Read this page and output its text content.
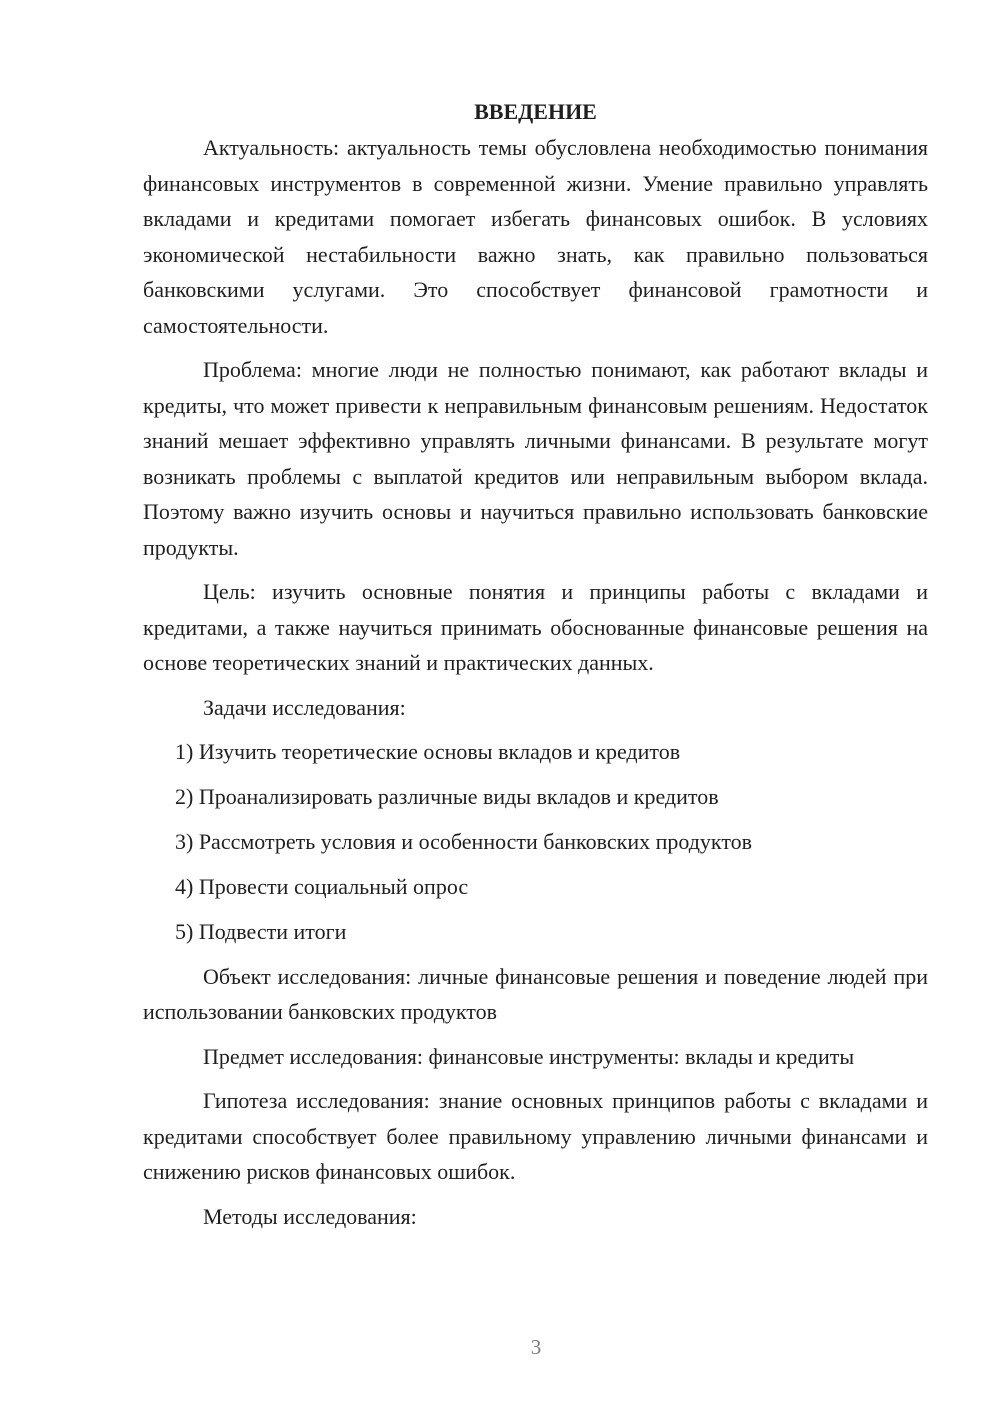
ВВЕДЕНИЕ

Актуальность: актуальность темы обусловлена необходимостью понимания финансовых инструментов в современной жизни. Умение правильно управлять вкладами и кредитами помогает избегать финансовых ошибок. В условиях экономической нестабильности важно знать, как правильно пользоваться банковскими услугами. Это способствует финансовой грамотности и самостоятельности.

Проблема: многие люди не полностью понимают, как работают вклады и кредиты, что может привести к неправильным финансовым решениям. Недостаток знаний мешает эффективно управлять личными финансами. В результате могут возникать проблемы с выплатой кредитов или неправильным выбором вклада. Поэтому важно изучить основы и научиться правильно использовать банковские продукты.

Цель: изучить основные понятия и принципы работы с вкладами и кредитами, а также научиться принимать обоснованные финансовые решения на основе теоретических знаний и практических данных.

Задачи исследования:

1) Изучить теоретические основы вкладов и кредитов
2) Проанализировать различные виды вкладов и кредитов
3) Рассмотреть условия и особенности банковских продуктов
4) Провести социальный опрос
5) Подвести итоги

Объект исследования: личные финансовые решения и поведение людей при использовании банковских продуктов

Предмет исследования: финансовые инструменты: вклады и кредиты

Гипотеза исследования: знание основных принципов работы с вкладами и кредитами способствует более правильному управлению личными финансами и снижению рисков финансовых ошибок.

Методы исследования:

3
